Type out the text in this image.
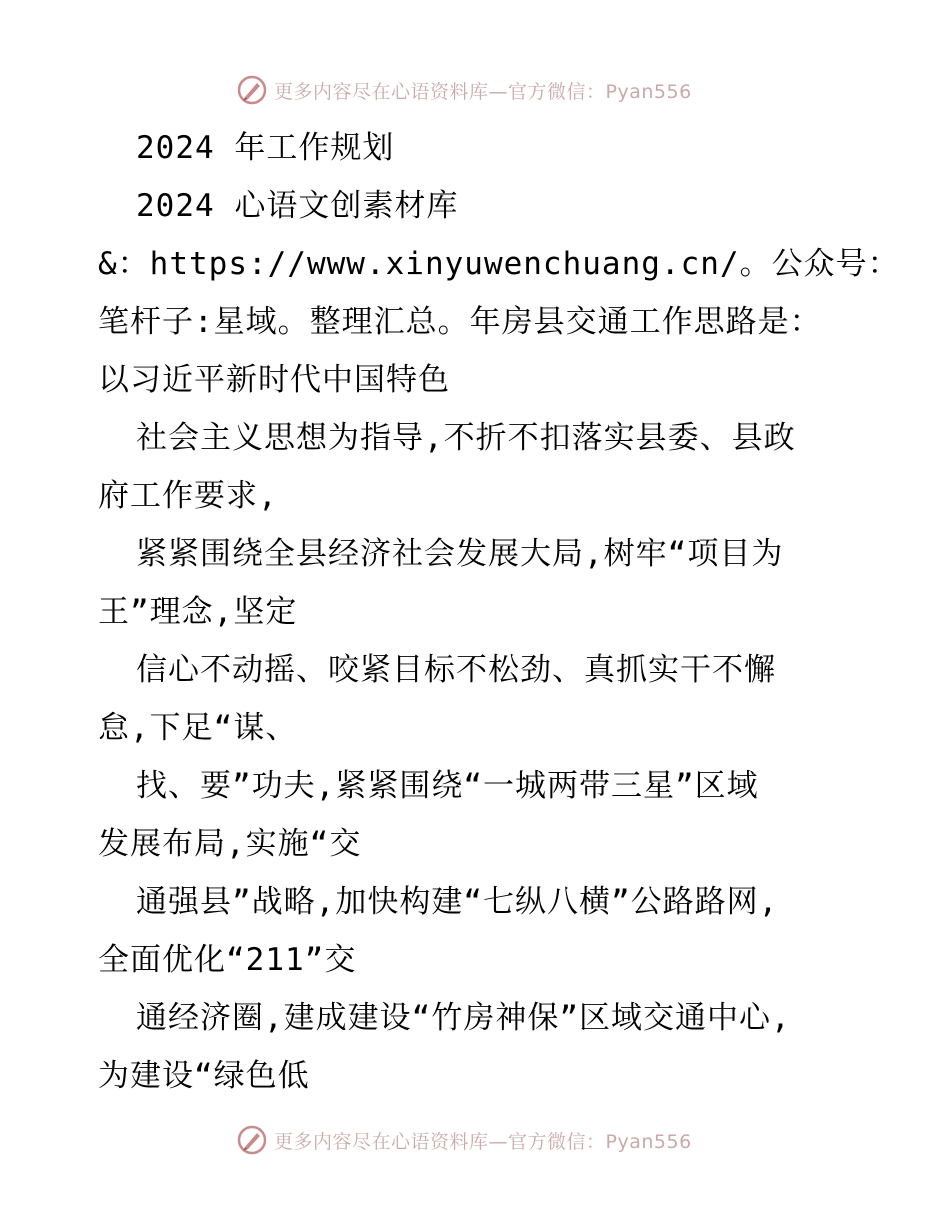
更多内容尽在心语资料库—官方微信：Pyan556
2024 年工作规划
2024 心语文创素材库
&：https://www.xinyuwenchuang.cn/。公众号：
笔杆子:星域。整理汇总。年房县交通工作思路是：
以习近平新时代中国特色
社会主义思想为指导,不折不扣落实县委、县政
府工作要求,
紧紧围绕全县经济社会发展大局,树牢“项目为
王”理念,坚定
信心不动摇、咬紧目标不松劲、真抓实干不懈
怠,下足“谋、
找、要”功夫,紧紧围绕“一城两带三星”区域
发展布局,实施“交
通强县”战略,加快构建“七纵八横”公路路网,
全面优化“211”交
通经济圈,建成建设“竹房神保”区域交通中心,
为建设“绿色低
更多内容尽在心语资料库—官方微信：Pyan556
